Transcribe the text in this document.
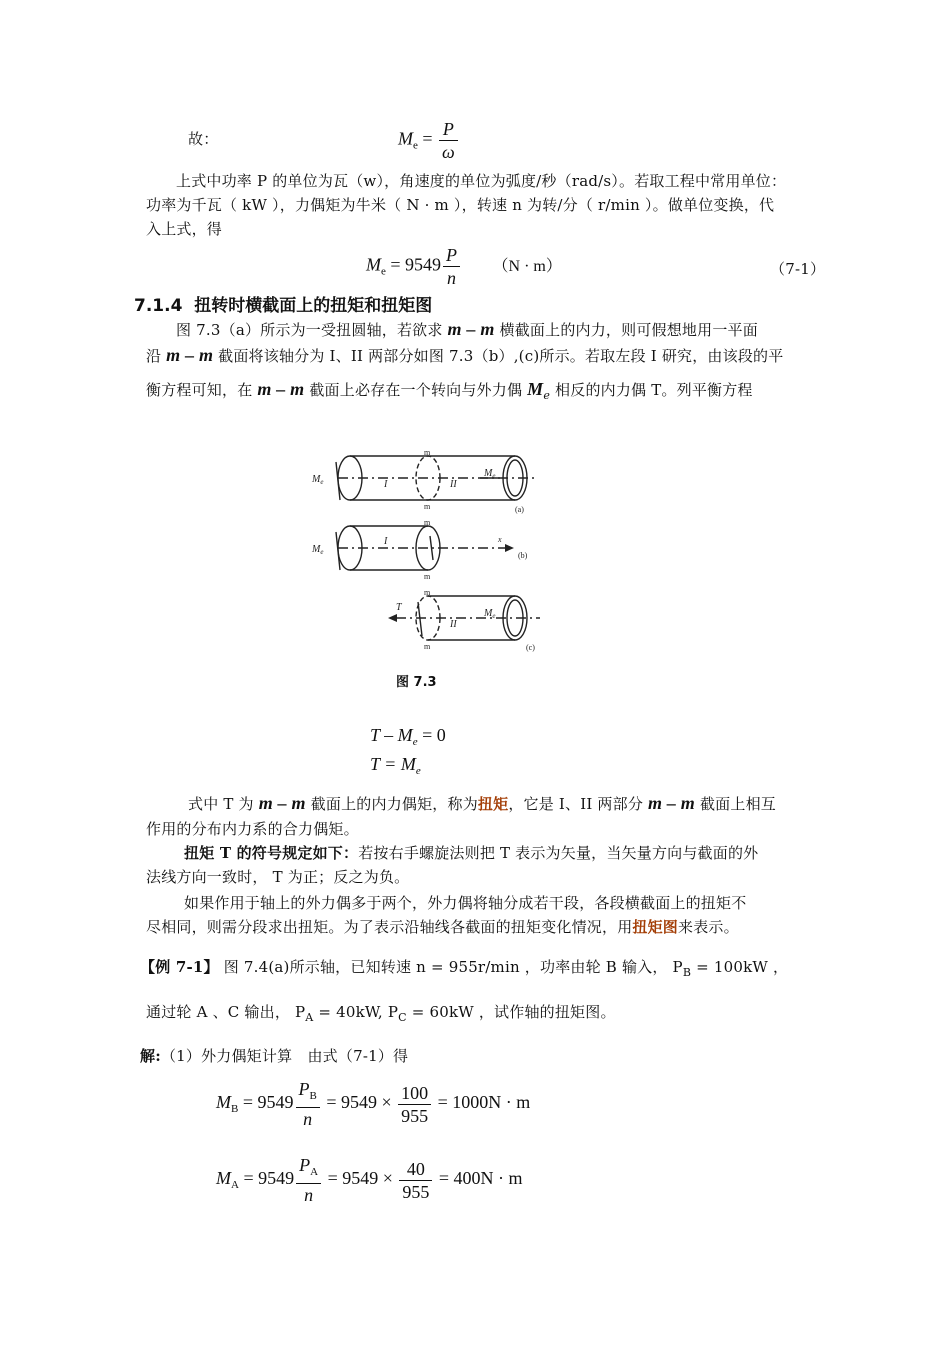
故：	$M_e = \frac{P}{\omega}$
上式中功率 P 的单位为瓦（w），角速度的单位为弧度/秒（rad/s）。若取工程中常用单位：
功率为千瓦（ kW ），力偶矩为牛米（ N · m ），转速 n 为转/分（ r/min ）。做单位变换，代
入上式，得
$M_e = 9549 \frac{P}{n} (N \cdot m)$	（7-1）
7.1.4 扭转时横截面上的扭矩和扭矩图
图 7.3（a）所示为一受扭圆轴，若欲求 m – m 横截面上的内力，则可假想地用一平面
沿 m – m 截面将该轴分为 I、II 两部分如图 7.3（b）,(c)所示。若取左段 I 研究，由该段的平
衡方程可知，在 m – m 截面上必存在一个转向与外力偶 $M_e$ 相反的内力偶 T。列平衡方程
$M_e$
m
m
I	II
$M_e$
(a)
$M_e$
m
m
I	x
(b)
T
m
m
II
$M_e$
(c)
图 7.3
$T - M_e = 0$
$T = M_e$
式中 T 为 m – m 截面上的内力偶矩，称为扭矩，它是 I、II 两部分 m – m 截面上相互
作用的分布内力系的合力偶矩。
扭矩 T 的符号规定如下：若按右手螺旋法则把 T 表示为矢量，当矢量方向与截面的外
法线方向一致时， T 为正；反之为负。
如果作用于轴上的外力偶多于两个，外力偶将轴分成若干段，各段横截面上的扭矩不
尽相同，则需分段求出扭矩。为了表示沿轴线各截面的扭矩变化情况，用扭矩图来表示。
【例 7-1】 图 7.4(a)所示轴，已知转速 n = 955r/min ，功率由轮 B 输入， $P_B = 100kW$ ，
通过轮 A 、C 输出， $P_A = 40kW$, $P_C = 60kW$ ，试作轴的扭矩图。
解:（1）外力偶矩计算　由式（7-1）得
$M_B = 9549 \frac{P_B}{n} = 9549 \times \frac{100}{955} = 1000N \cdot m$
$M_A = 9549 \frac{P_A}{n} = 9549 \times \frac{40}{955} = 400N \cdot m$
